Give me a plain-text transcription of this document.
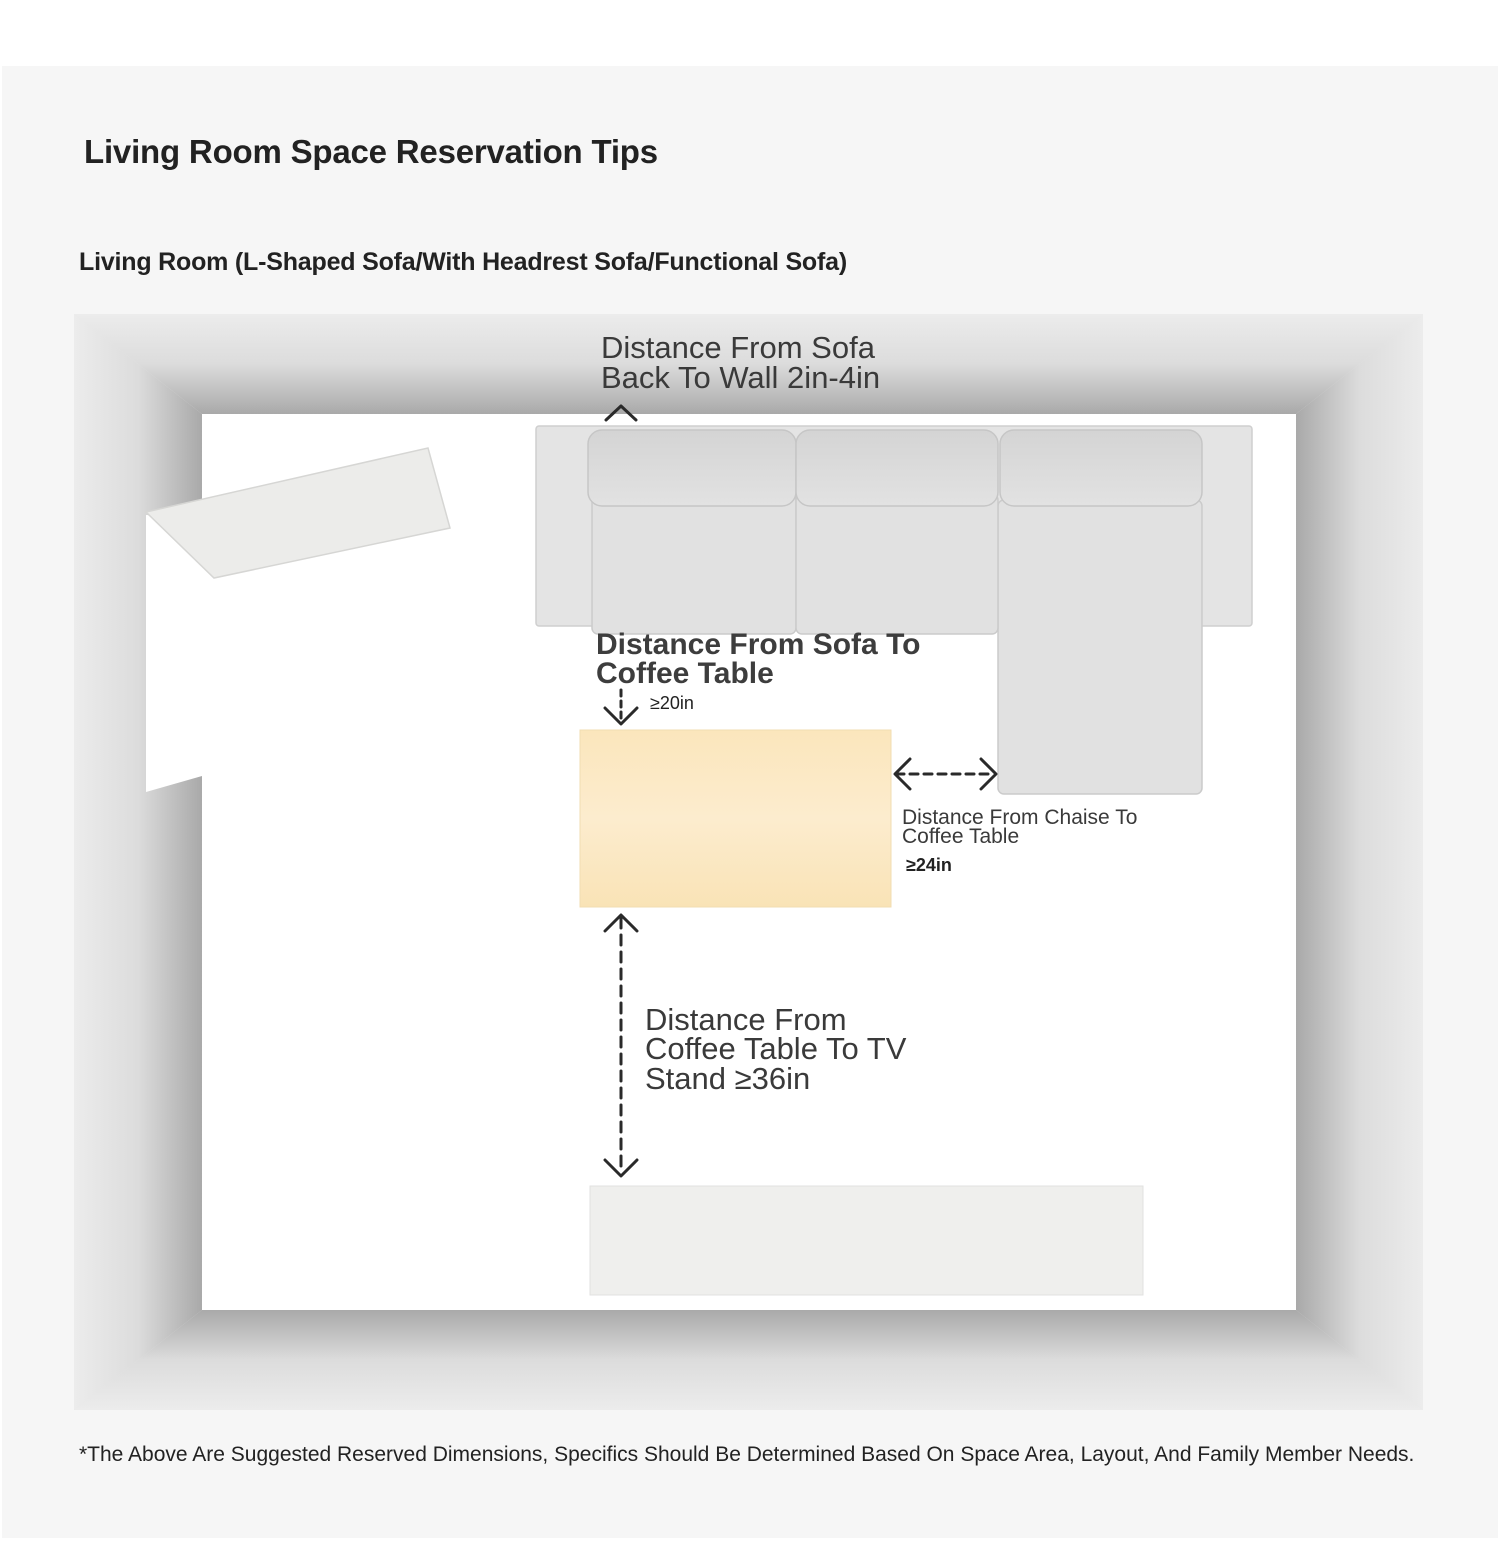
Living Room Space Reservation Tips
Living Room (L-Shaped Sofa/With Headrest Sofa/Functional Sofa)
Distance From Sofa
Back To Wall 2in-4in
Distance From Sofa To
Coffee Table
≥20in
Distance From Chaise To
Coffee Table
≥24in
Distance From
Coffee Table To TV
Stand ≥36in
*The Above Are Suggested Reserved Dimensions, Specifics Should Be Determined Based On Space Area, Layout, And Family Member Needs.
